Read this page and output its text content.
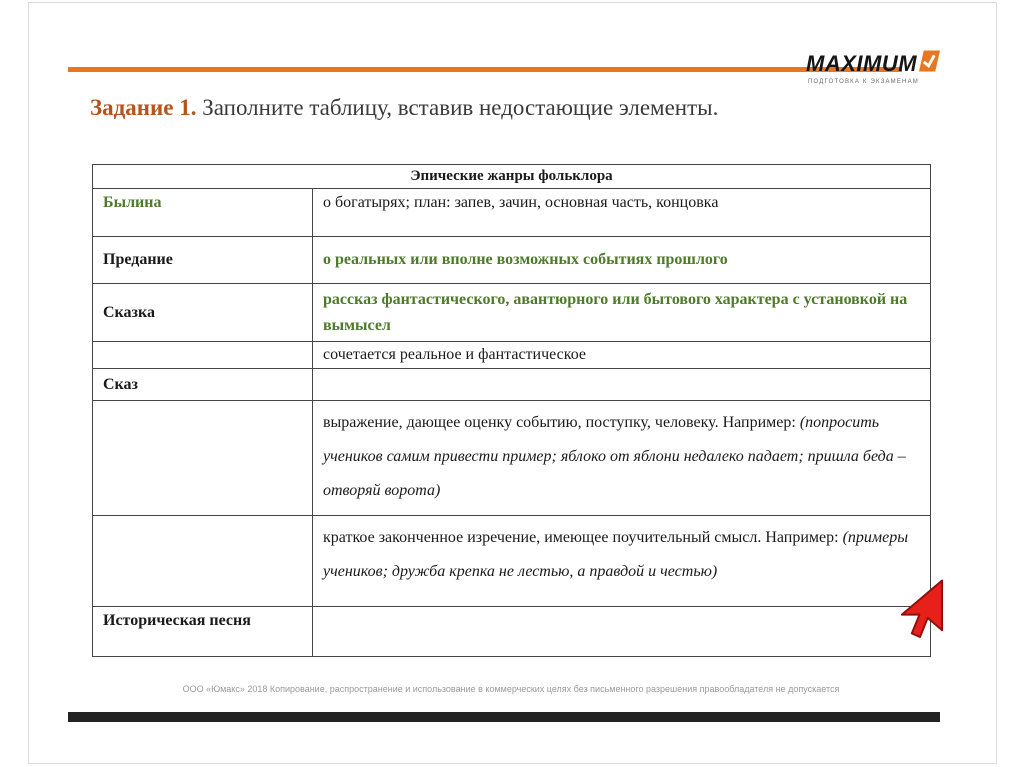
MAXIMUM
ПОДГОТОВКА К ЭКЗАМЕНАМ
Задание 1. Заполните таблицу, вставив недостающие элементы.
Эпические жанры фольклора	
Былина	о богатырях; план: запев, зачин, основная часть, концовка
Предание	о реальных или вполне возможных событиях прошлого
Сказка	рассказ фантастического, авантюрного или бытового характера с установкой на вымысел
	сочетается реальное и фантастическое
Сказ	
	выражение, дающее оценку событию, поступку, человеку. Например: (попросить учеников самим привести пример; яблоко от яблони недалеко падает; пришла беда – отворяй ворота)
	краткое законченное изречение, имеющее поучительный смысл. Например: (примеры учеников; дружба крепка не лестью, а правдой и честью)
Историческая песня	
ООО «Юмакс» 2018 Копирование, распространение и использование в коммерческих целях без письменного разрешения правообладателя не допускается
